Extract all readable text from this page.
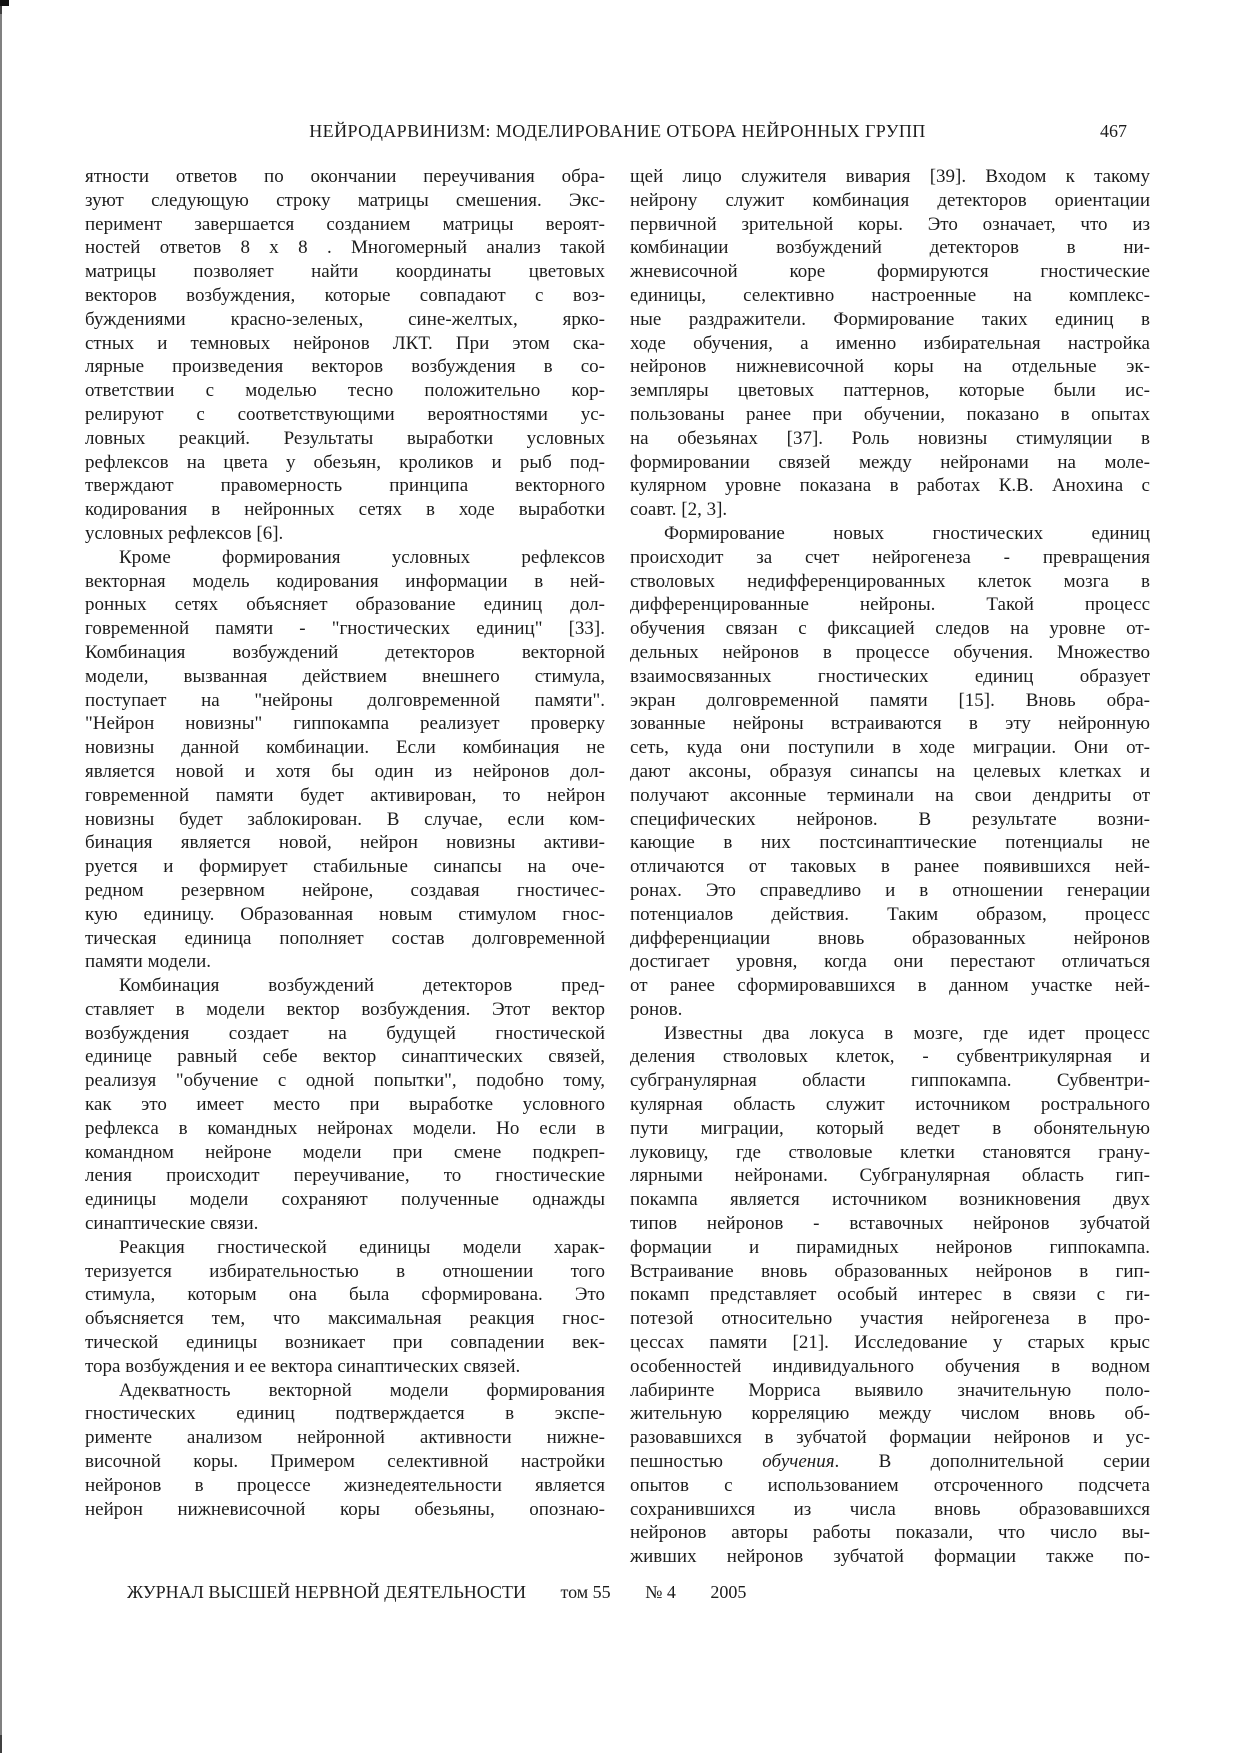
НЕЙРОДАРВИНИЗМ: МОДЕЛИРОВАНИЕ ОТБОРА НЕЙРОННЫХ ГРУПП	467
ятности ответов по окончании переучивания обра-
зуют следующую строку матрицы смешения. Экс-
перимент завершается созданием матрицы вероят-
ностей ответов 8 x 8 . Многомерный анализ такой
матрицы позволяет найти координаты цветовых
векторов возбуждения, которые совпадают с воз-
буждениями красно-зеленых, сине-желтых, ярко-
стных и темновых нейронов ЛКТ. При этом ска-
лярные произведения векторов возбуждения в со-
ответствии с моделью тесно положительно кор-
релируют с соответствующими вероятностями ус-
ловных реакций. Результаты выработки условных
рефлексов на цвета у обезьян, кроликов и рыб под-
тверждают правомерность принципа векторного
кодирования в нейронных сетях в ходе выработки
условных рефлексов [6].
Кроме формирования условных рефлексов
векторная модель кодирования информации в ней-
ронных сетях объясняет образование единиц дол-
говременной памяти - "гностических единиц" [33].
Комбинация возбуждений детекторов векторной
модели, вызванная действием внешнего стимула,
поступает на "нейроны долговременной памяти".
"Нейрон новизны" гиппокампа реализует проверку
новизны данной комбинации. Если комбинация не
является новой и хотя бы один из нейронов дол-
говременной памяти будет активирован, то нейрон
новизны будет заблокирован. В случае, если ком-
бинация является новой, нейрон новизны активи-
руется и формирует стабильные синапсы на оче-
редном резервном нейроне, создавая гностичес-
кую единицу. Образованная новым стимулом гнос-
тическая единица пополняет состав долговременной
памяти модели.
Комбинация возбуждений детекторов пред-
ставляет в модели вектор возбуждения. Этот вектор
возбуждения создает на будущей гностической
единице равный себе вектор синаптических связей,
реализуя "обучение с одной попытки", подобно тому,
как это имеет место при выработке условного
рефлекса в командных нейронах модели. Но если в
командном нейроне модели при смене подкреп-
ления происходит переучивание, то гностические
единицы модели сохраняют полученные однажды
синаптические связи.
Реакция гностической единицы модели харак-
теризуется избирательностью в отношении того
стимула, которым она была сформирована. Это
объясняется тем, что максимальная реакция гнос-
тической единицы возникает при совпадении век-
тора возбуждения и ее вектора синаптических связей.
Адекватность векторной модели формирования
гностических единиц подтверждается в экспе-
рименте анализом нейронной активности нижне-
височной коры. Примером селективной настройки
нейронов в процессе жизнедеятельности является
нейрон нижневисочной коры обезьяны, опознаю-
щей лицо служителя вивария [39]. Входом к такому
нейрону служит комбинация детекторов ориентации
первичной зрительной коры. Это означает, что из
комбинации возбуждений детекторов в ни-
жневисочной коре формируются гностические
единицы, селективно настроенные на комплекс-
ные раздражители. Формирование таких единиц в
ходе обучения, а именно избирательная настройка
нейронов нижневисочной коры на отдельные эк-
земпляры цветовых паттернов, которые были ис-
пользованы ранее при обучении, показано в опытах
на обезьянах [37]. Роль новизны стимуляции в
формировании связей между нейронами на моле-
кулярном уровне показана в работах К.В. Анохина с
соавт. [2, 3].
Формирование новых гностических единиц
происходит за счет нейрогенеза - превращения
стволовых недифференцированных клеток мозга в
дифференцированные нейроны. Такой процесс
обучения связан с фиксацией следов на уровне от-
дельных нейронов в процессе обучения. Множество
взаимосвязанных гностических единиц образует
экран долговременной памяти [15]. Вновь обра-
зованные нейроны встраиваются в эту нейронную
сеть, куда они поступили в ходе миграции. Они от-
дают аксоны, образуя синапсы на целевых клетках и
получают аксонные терминали на свои дендриты от
специфических нейронов. В результате возни-
кающие в них постсинаптические потенциалы не
отличаются от таковых в ранее появившихся ней-
ронах. Это справедливо и в отношении генерации
потенциалов действия. Таким образом, процесс
дифференциации вновь образованных нейронов
достигает уровня, когда они перестают отличаться
от ранее сформировавшихся в данном участке ней-
ронов.
Известны два локуса в мозге, где идет процесс
деления стволовых клеток, - субвентрикулярная и
субгранулярная области гиппокампа. Субвентри-
кулярная область служит источником рострального
пути миграции, который ведет в обонятельную
луковицу, где стволовые клетки становятся грану-
лярными нейронами. Субгранулярная область гип-
покампа является источником возникновения двух
типов нейронов - вставочных нейронов зубчатой
формации и пирамидных нейронов гиппокампа.
Встраивание вновь образованных нейронов в гип-
покамп представляет особый интерес в связи с ги-
потезой относительно участия нейрогенеза в про-
цессах памяти [21]. Исследование у старых крыс
особенностей индивидуального обучения в водном
лабиринте Морриса выявило значительную поло-
жительную корреляцию между числом вновь об-
разовавшихся в зубчатой формации нейронов и ус-
пешностью обучения. В дополнительной серии
опытов с использованием отсроченного подсчета
сохранившихся из числа вновь образовавшихся
нейронов авторы работы показали, что число вы-
живших нейронов зубчатой формации также по-
ЖУРНАЛ ВЫСШЕЙ НЕРВНОЙ ДЕЯТЕЛЬНОСТИ том 55 № 4 2005
